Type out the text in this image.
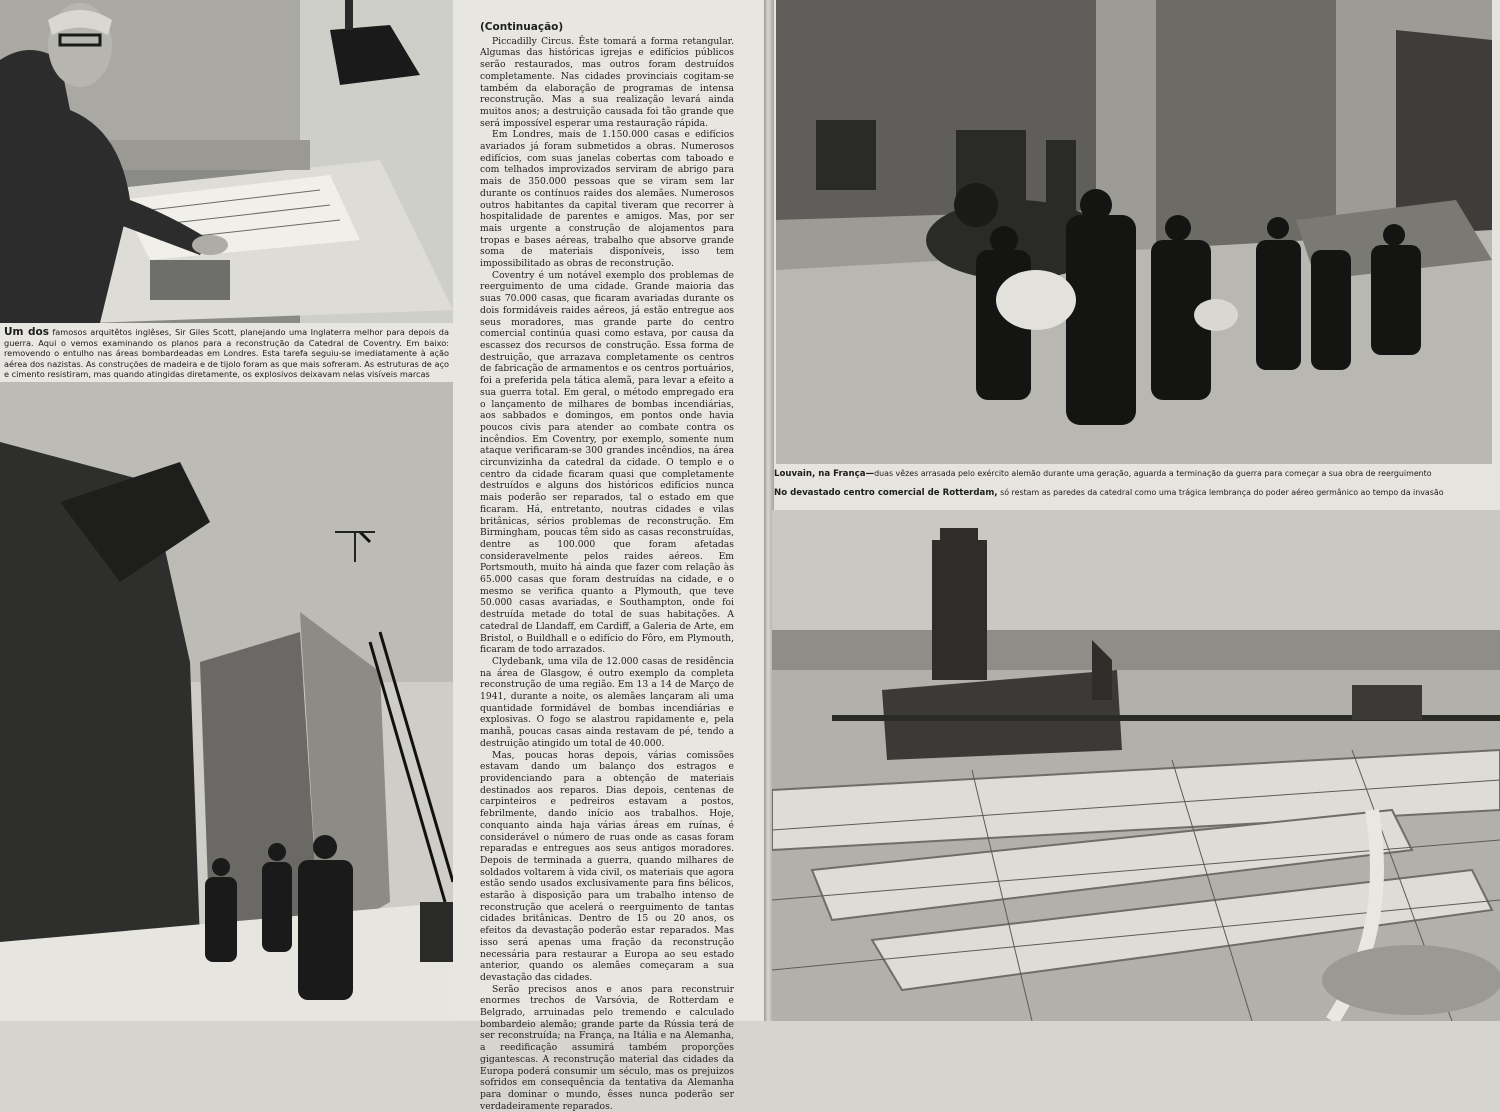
Um dos famosos arquitêtos inglêses, Sir Giles Scott, planejando uma Inglaterra melhor para depois da guerra. Aqui o vemos examinando os planos para a reconstrução da Catedral de Coventry. Em baixo: removendo o entulho nas áreas bombardeadas em Londres. Esta tarefa seguiu-se imediatamente à ação aérea dos nazistas. As construções de madeira e de tijolo foram as que mais sofreram. As estruturas de aço e cimento resistiram, mas quando atingidas diretamente, os explosivos deixavam nelas visíveis marcas
(Continuação)

Piccadilly Circus. Êste tomará a forma retangular. Algumas das históricas igrejas e edifícios públicos serão restaurados, mas outros foram destruídos completamente. Nas cidades provinciais cogitam-se também da elaboração de programas de intensa reconstrução. Mas a sua realização levará ainda muitos anos; a destruição causada foi tão grande que será impossível esperar uma restauração rápida.

Em Londres, mais de 1.150.000 casas e edifícios avariados já foram submetidos a obras. Numerosos edifícios, com suas janelas cobertas com taboado e com telhados improvizados serviram de abrigo para mais de 350.000 pessoas que se viram sem lar durante os contínuos raides dos alemães. Numerosos outros habitantes da capital tiveram que recorrer à hospitalidade de parentes e amigos. Mas, por ser mais urgente a construção de alojamentos para tropas e bases aéreas, trabalho que absorve grande soma de materiais disponíveis, isso tem impossibilitado as obras de reconstrução.

Coventry é um notável exemplo dos problemas de reerguimento de uma cidade. Grande maioria das suas 70.000 casas, que ficaram avariadas durante os dois formidáveis raides aéreos, já estão entregue aos seus moradores, mas grande parte do centro comercial continúa quasi como estava, por causa da escassez dos recursos de construção. Essa forma de destruição, que arrazava completamente os centros de fabricação de armamentos e os centros portuários, foi a preferida pela tática alemã, para levar a efeito a sua guerra total. Em geral, o método empregado era o lançamento de milhares de bombas incendiárias, aos sabbados e domingos, em pontos onde havia poucos civis para atender ao combate contra os incêndios. Em Coventry, por exemplo, somente num ataque verificaram-se 300 grandes incêndios, na área circunvizinha da catedral da cidade. O templo e o centro da cidade ficaram quasi que completamente destruídos e alguns dos históricos edifícios nunca mais poderão ser reparados, tal o estado em que ficaram. Há, entretanto, noutras cidades e vilas britânicas, sérios problemas de reconstrução. Em Birmingham, poucas têm sido as casas reconstruídas, dentre as 100.000 que foram afetadas consideravelmente pelos raides aéreos. Em Portsmouth, muito há ainda que fazer com relação às 65.000 casas que foram destruídas na cidade, e o mesmo se verifica quanto a Plymouth, que teve 50.000 casas avariadas, e Southampton, onde foi destruída metade do total de suas habitações. A catedral de Llandaff, em Cardiff, a Galeria de Arte, em Bristol, o Buildhall e o edifício do Fôro, em Plymouth, ficaram de todo arrazados.

Clydebank, uma vila de 12.000 casas de residência na área de Glasgow, é outro exemplo da completa reconstrução de uma região. Em 13 a 14 de Março de 1941, durante a noite, os alemães lançaram ali uma quantidade formidável de bombas incendiárias e explosivas. O fogo se alastrou rapidamente e, pela manhã, poucas casas ainda restavam de pé, tendo a destruição atingido um total de 40.000.

Mas, poucas horas depois, várias comissões estavam dando um balanço dos estragos e providenciando para a obtenção de materiais destinados aos reparos. Dias depois, centenas de carpinteiros e pedreiros estavam a postos, febrilmente, dando início aos trabalhos. Hoje, conquanto ainda haja várias áreas em ruínas, é considerável o número de ruas onde as casas foram reparadas e entregues aos seus antigos moradores. Depois de terminada a guerra, quando milhares de soldados voltarem à vida civil, os materiais que agora estão sendo usados exclusivamente para fins bélicos, estarão à disposição para um trabalho intenso de reconstrução que acelerá o reerguimento de tantas cidades britânicas. Dentro de 15 ou 20 anos, os efeitos da devastação poderão estar reparados. Mas isso será apenas uma fração da reconstrução necessária para restaurar a Europa ao seu estado anterior, quando os alemães começaram a sua devastação das cidades.

Serão precisos anos e anos para reconstruir enormes trechos de Varsóvia, de Rotterdam e Belgrado, arruinadas pelo tremendo e calculado bombardeio alemão; grande parte da Rússia terá de ser reconstruída; na França, na Itália e na Alemanha, a reedificação assumirá também proporções gigantescas. A reconstrução material das cidades da Europa poderá consumir um século, mas os prejuizos sofridos em consequência da tentativa da Alemanha para dominar o mundo, êsses nunca poderão ser verdadeiramente reparados.

Louvain, na França—duas vêzes arrasada pelo exército alemão durante uma geração, aguarda a terminação da guerra para começar a sua obra de reerguimento
No devastado centro comercial de Rotterdam, só restam as paredes da catedral como uma trágica lembrança do poder aéreo germânico ao tempo da invasão
